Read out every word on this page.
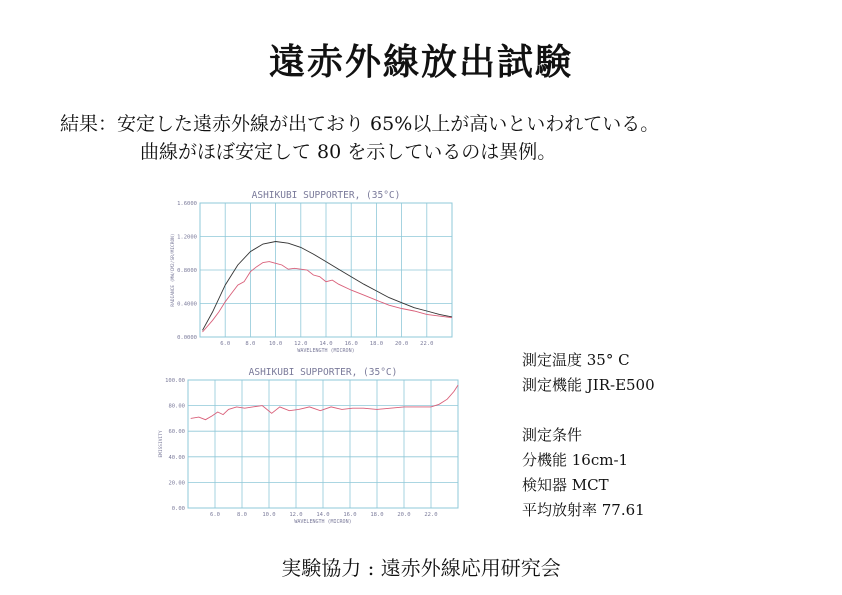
遠赤外線放出試験
結果：安定した遠赤外線が出ており 65%以上が高いといわれている。
曲線がほぼ安定して 80 を示しているのは異例。
ASHIKUBI SUPPORTER, (35°C)
6.0	8.0 10.0 12.0 14.0 16.0 18.0 20.0 22.0
0.0000
0.4000
0.8000
1.2000
1.6000
WAVELENGTH (MICRON)
RADIANCE (MW/CM2/SR/MICRON)
ASHIKUBI SUPPORTER, (35°C)
6.0	8.0	10.0	12.0	14.0	16.0	18.0	20.0	22.0
0.00
20.00
40.00
60.00
80.00
100.00
WAVELENGTH (MICRON)
EMISSIVITY
測定温度 35° C
測定機能 JIR-E500
測定条件
分機能 16cm-1
検知器 MCT
平均放射率 77.61
実験協力 : 遠赤外線応用研究会
